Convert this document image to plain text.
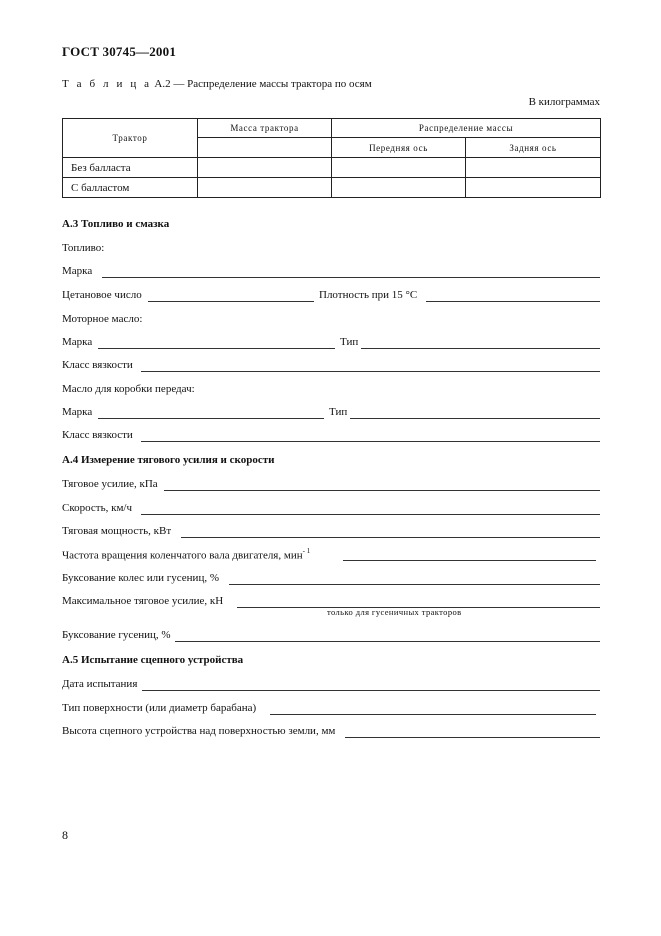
ГОСТ 30745—2001
Т а б л и ц а А.2 — Распределение массы трактора по осям
В килограммах
Трактор	Масса трактора	Распределение массы	
		Передняя ось	Задняя ось
Без балласта			
С балластом			
А.3 Топливо и смазка
Топливо:
Марка
Цетановое число	Плотность при 15 °С
Моторное масло:
Марка	Тип
Класс вязкости
Масло для коробки передач:
Марка	Тип
Класс вязкости
А.4 Измерение тягового усилия и скорости
Тяговое усилие, кПа
Скорость, км/ч
Тяговая мощность, кВт
Частота вращения коленчатого вала двигателя, мин$^{- 1}$
Буксование колес или гусениц, %
Максимальное тяговое усилие, кН
только для гусеничных тракторов
Буксование гусениц, %
А.5 Испытание сцепного устройства
Дата испытания
Тип поверхности (или диаметр барабана)
Высота сцепного устройства над поверхностью земли, мм
8
